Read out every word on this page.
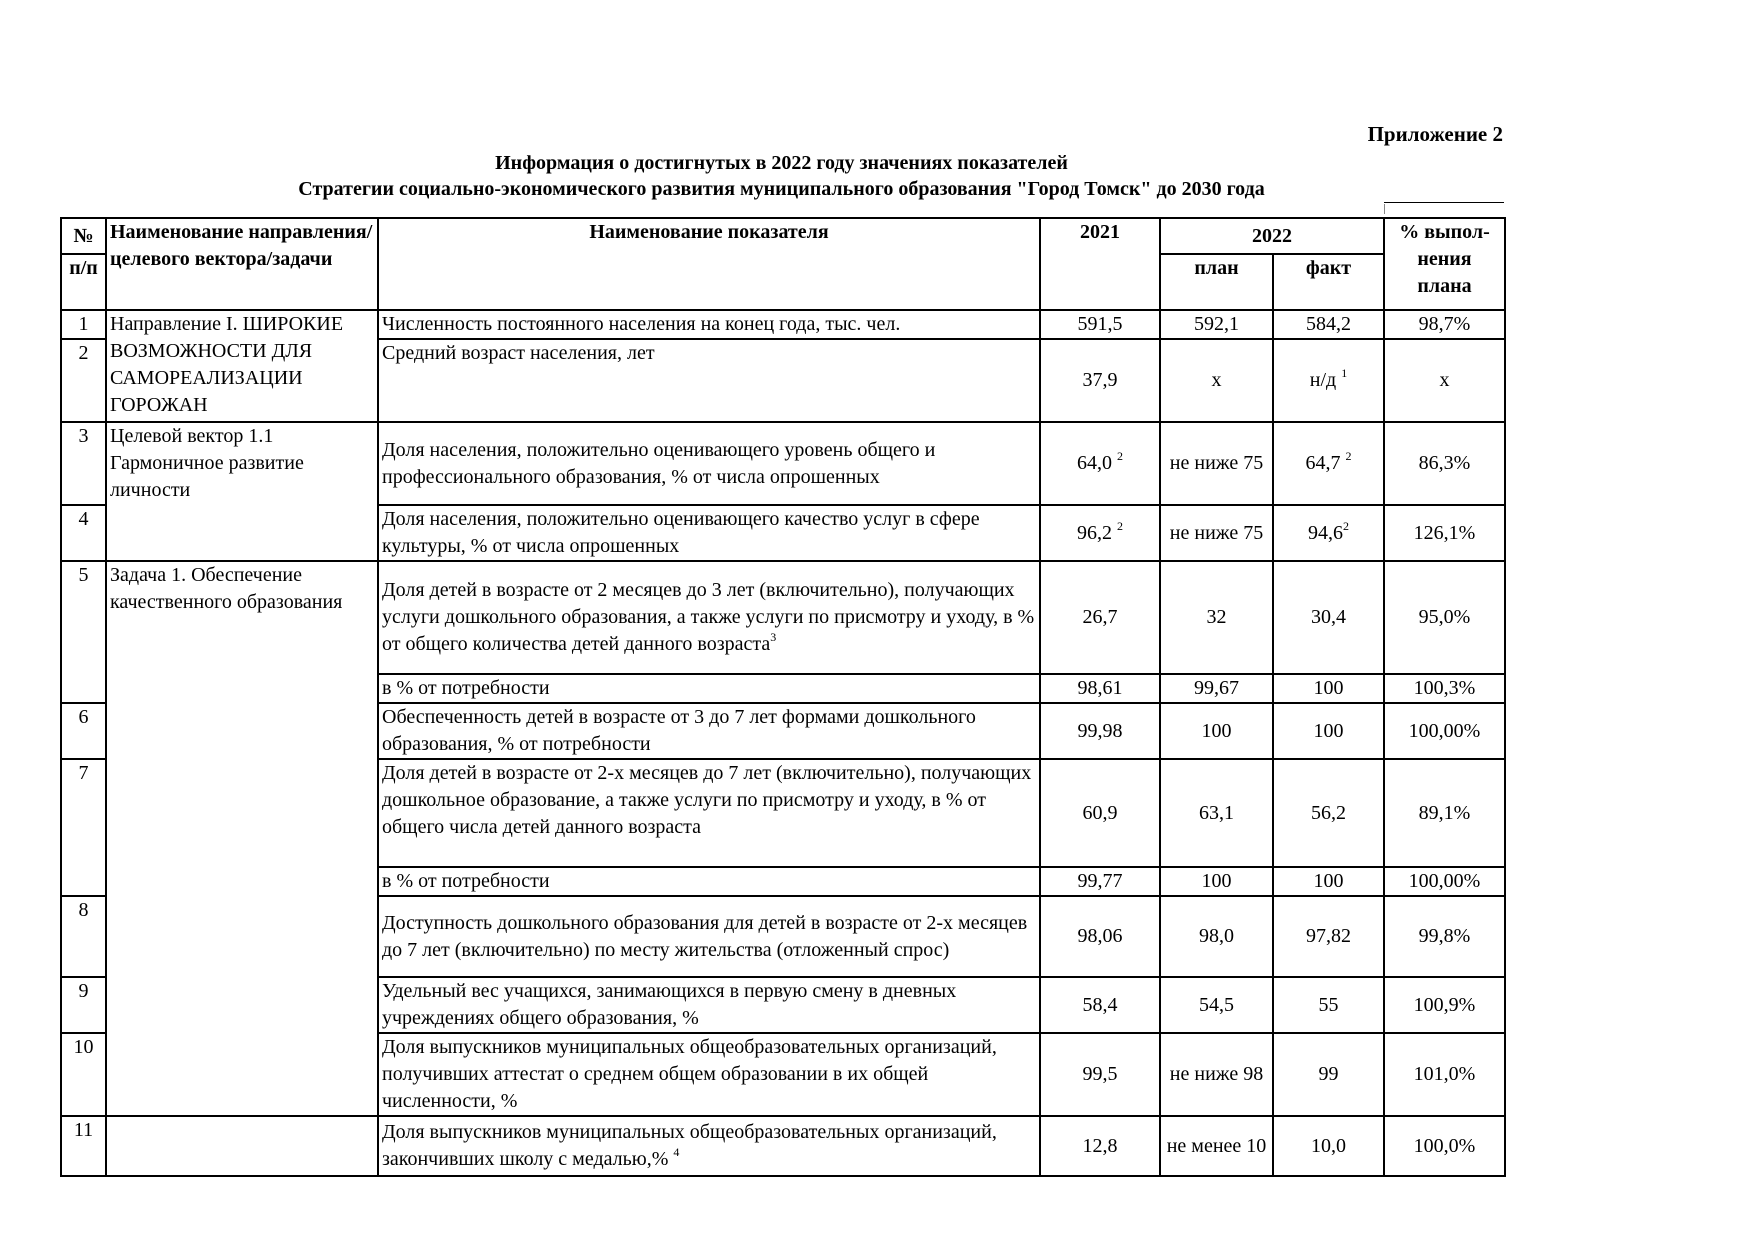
Приложение 2
Информация о достигнутых в 2022 году значениях показателей
Стратегии социально-экономического развития муниципального образования "Город Томск" до 2030 года
№	Наименование направления/целевого вектора/задачи	Наименование показателя	2021	2022		% выпол-нения плана
п/п				план	факт	
1	Направление I. ШИРОКИЕ ВОЗМОЖНОСТИ ДЛЯ САМОРЕАЛИЗАЦИИ ГОРОЖАН	Численность постоянного населения на конец года, тыс. чел.	591,5	592,1	584,2	98,7%
2		Средний возраст населения, лет	37,9	х	н/д $^1$	х
3	Целевой вектор 1.1 Гармоничное развитие личности	Доля населения, положительно оценивающего уровень общего и профессионального образования, % от числа опрошенных	64,0 $^2$	не ниже 75	64,7 $^2$	86,3%
4		Доля населения, положительно оценивающего качество услуг в сфере культуры, % от числа опрошенных	96,2 $^2$	не ниже 75	94,6$^2$	126,1%
5	Задача 1. Обеспечение качественного образования	Доля детей в возрасте от 2 месяцев до 3 лет (включительно), получающих услуги дошкольного образования, а также услуги по присмотру и уходу, в % от общего количества детей данного возраста$^3$	26,7	32	30,4	95,0%
		в % от потребности	98,61	99,67	100	100,3%
6		Обеспеченность детей в возрасте от 3 до 7 лет формами дошкольного образования, % от потребности	99,98	100	100	100,00%
7		Доля детей в возрасте от 2-х месяцев до 7 лет (включительно), получающих дошкольное образование, а также услуги по присмотру и уходу, в % от общего числа детей данного возраста	60,9	63,1	56,2	89,1%
		в % от потребности	99,77	100	100	100,00%
8		Доступность дошкольного образования для детей в возрасте от 2-х месяцев до 7 лет (включительно) по месту жительства (отложенный спрос)	98,06	98,0	97,82	99,8%
9		Удельный вес учащихся, занимающихся в первую смену в дневных учреждениях общего образования, %	58,4	54,5	55	100,9%
10		Доля выпускников муниципальных общеобразовательных организаций, получивших аттестат о среднем общем образовании в их общей численности, %	99,5	не ниже 98	99	101,0%
11		Доля выпускников муниципальных общеобразовательных организаций, закончивших школу с медалью,% $^4$	12,8	не менее 10	10,0	100,0%
